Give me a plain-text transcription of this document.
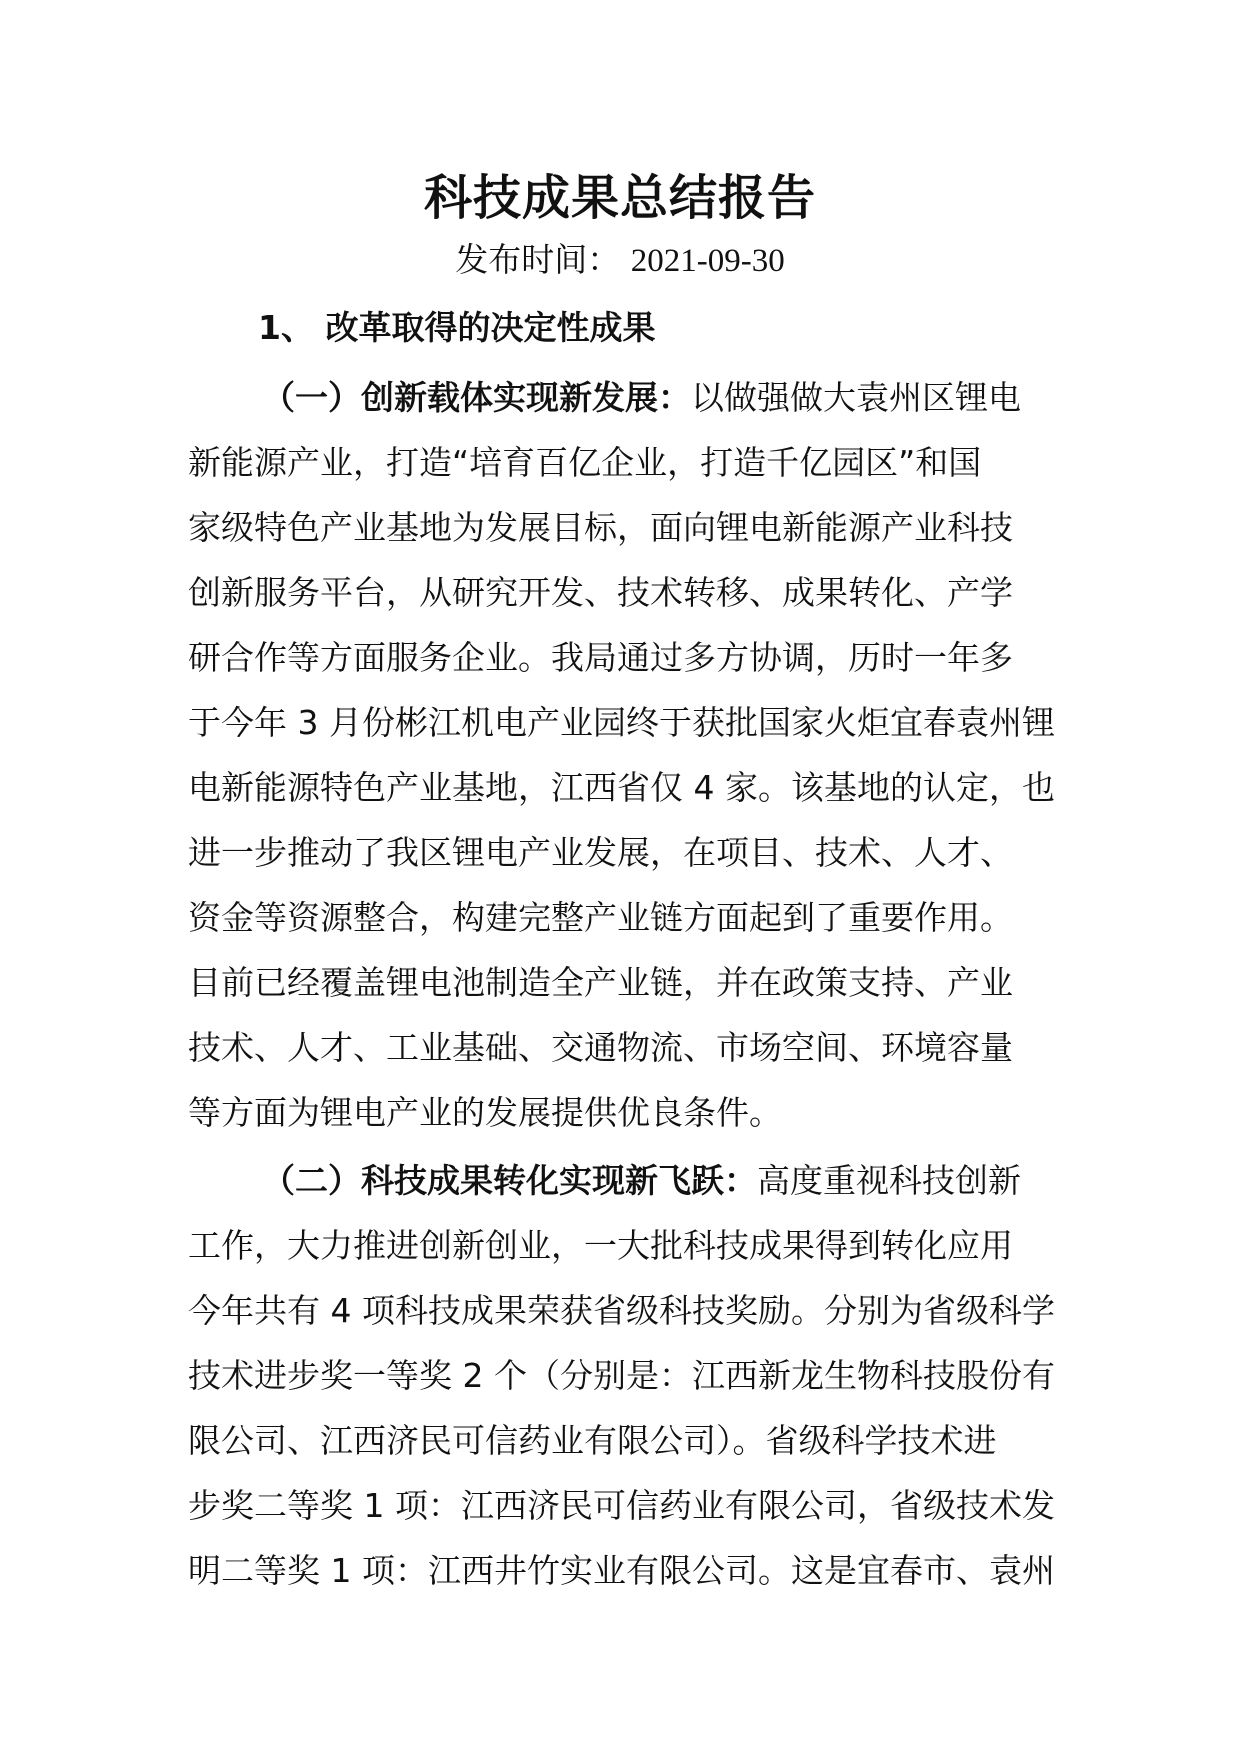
科技成果总结报告
发布时间： 2021-09-30
1、 改革取得的决定性成果
（一）创新载体实现新发展：以做强做大袁州区锂电
新能源产业，打造“培育百亿企业，打造千亿园区”和国
家级特色产业基地为发展目标，面向锂电新能源产业科技
创新服务平台，从研究开发、技术转移、成果转化、产学
研合作等方面服务企业。我局通过多方协调，历时一年多
于今年 3 月份彬江机电产业园终于获批国家火炬宜春袁州锂
电新能源特色产业基地，江西省仅 4 家。该基地的认定，也
进一步推动了我区锂电产业发展，在项目、技术、人才、
资金等资源整合，构建完整产业链方面起到了重要作用。
目前已经覆盖锂电池制造全产业链，并在政策支持、产业
技术、人才、工业基础、交通物流、市场空间、环境容量
等方面为锂电产业的发展提供优良条件。
（二）科技成果转化实现新飞跃：高度重视科技创新
工作，大力推进创新创业，一大批科技成果得到转化应用
今年共有 4 项科技成果荣获省级科技奖励。分别为省级科学
技术进步奖一等奖 2 个（分别是：江西新龙生物科技股份有
限公司、江西济民可信药业有限公司）。省级科学技术进
步奖二等奖 1 项：江西济民可信药业有限公司，省级技术发
明二等奖 1 项：江西井竹实业有限公司。这是宜春市、袁州
